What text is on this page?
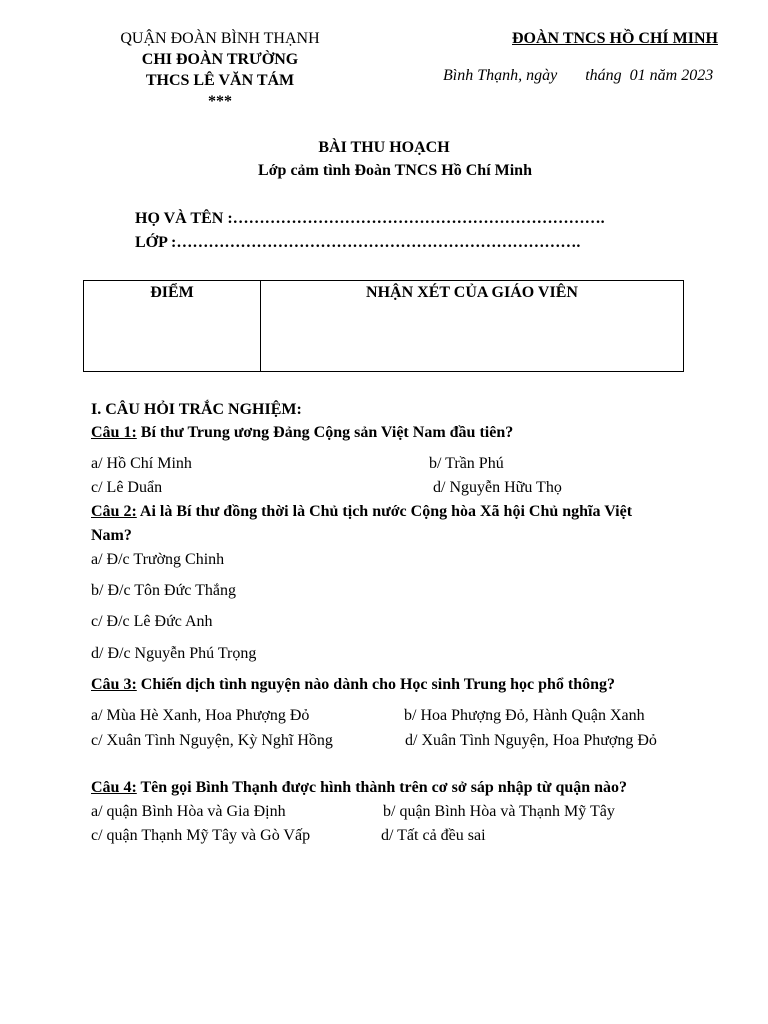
QUẬN ĐOÀN BÌNH THẠNH
CHI ĐOÀN TRƯỜNG
THCS LÊ VĂN TÁM
***
ĐOÀN TNCS HỒ CHÍ MINH
Bình Thạnh, ngày       tháng  01 năm 2023
BÀI THU HOẠCH
Lớp cảm tình Đoàn TNCS Hồ Chí Minh
HỌ VÀ TÊN :…………………………………………………………….
LỚP :………………………………………………………………….
ĐIỂM	NHẬN XÉT CỦA GIÁO VIÊN
I. CÂU HỎI TRẮC NGHIỆM:
Câu 1: Bí thư Trung ương Đảng Cộng sản Việt Nam đầu tiên?
a/ Hồ Chí Minh	b/ Trần Phú
c/ Lê Duẩn	d/ Nguyễn Hữu Thọ
Câu 2: Ai là Bí thư đồng thời là Chủ tịch nước Cộng hòa Xã hội Chủ nghĩa Việt
Nam?
a/ Đ/c Trường Chinh
b/ Đ/c Tôn Đức Thắng
c/ Đ/c Lê Đức Anh
d/ Đ/c Nguyễn Phú Trọng
Câu 3: Chiến dịch tình nguyện nào dành cho Học sinh Trung học phổ thông?
a/ Mùa Hè Xanh, Hoa Phượng Đỏ	b/ Hoa Phượng Đỏ, Hành Quận Xanh
c/ Xuân Tình Nguyện, Kỳ Nghĩ Hồng	d/ Xuân Tình Nguyện, Hoa Phượng Đỏ
Câu 4: Tên gọi Bình Thạnh được hình thành trên cơ sở sáp nhập từ quận nào?
a/ quận Bình Hòa và Gia Định	b/ quận Bình Hòa và Thạnh Mỹ Tây
c/ quận Thạnh Mỹ Tây và Gò Vấp	d/ Tất cả đều sai
